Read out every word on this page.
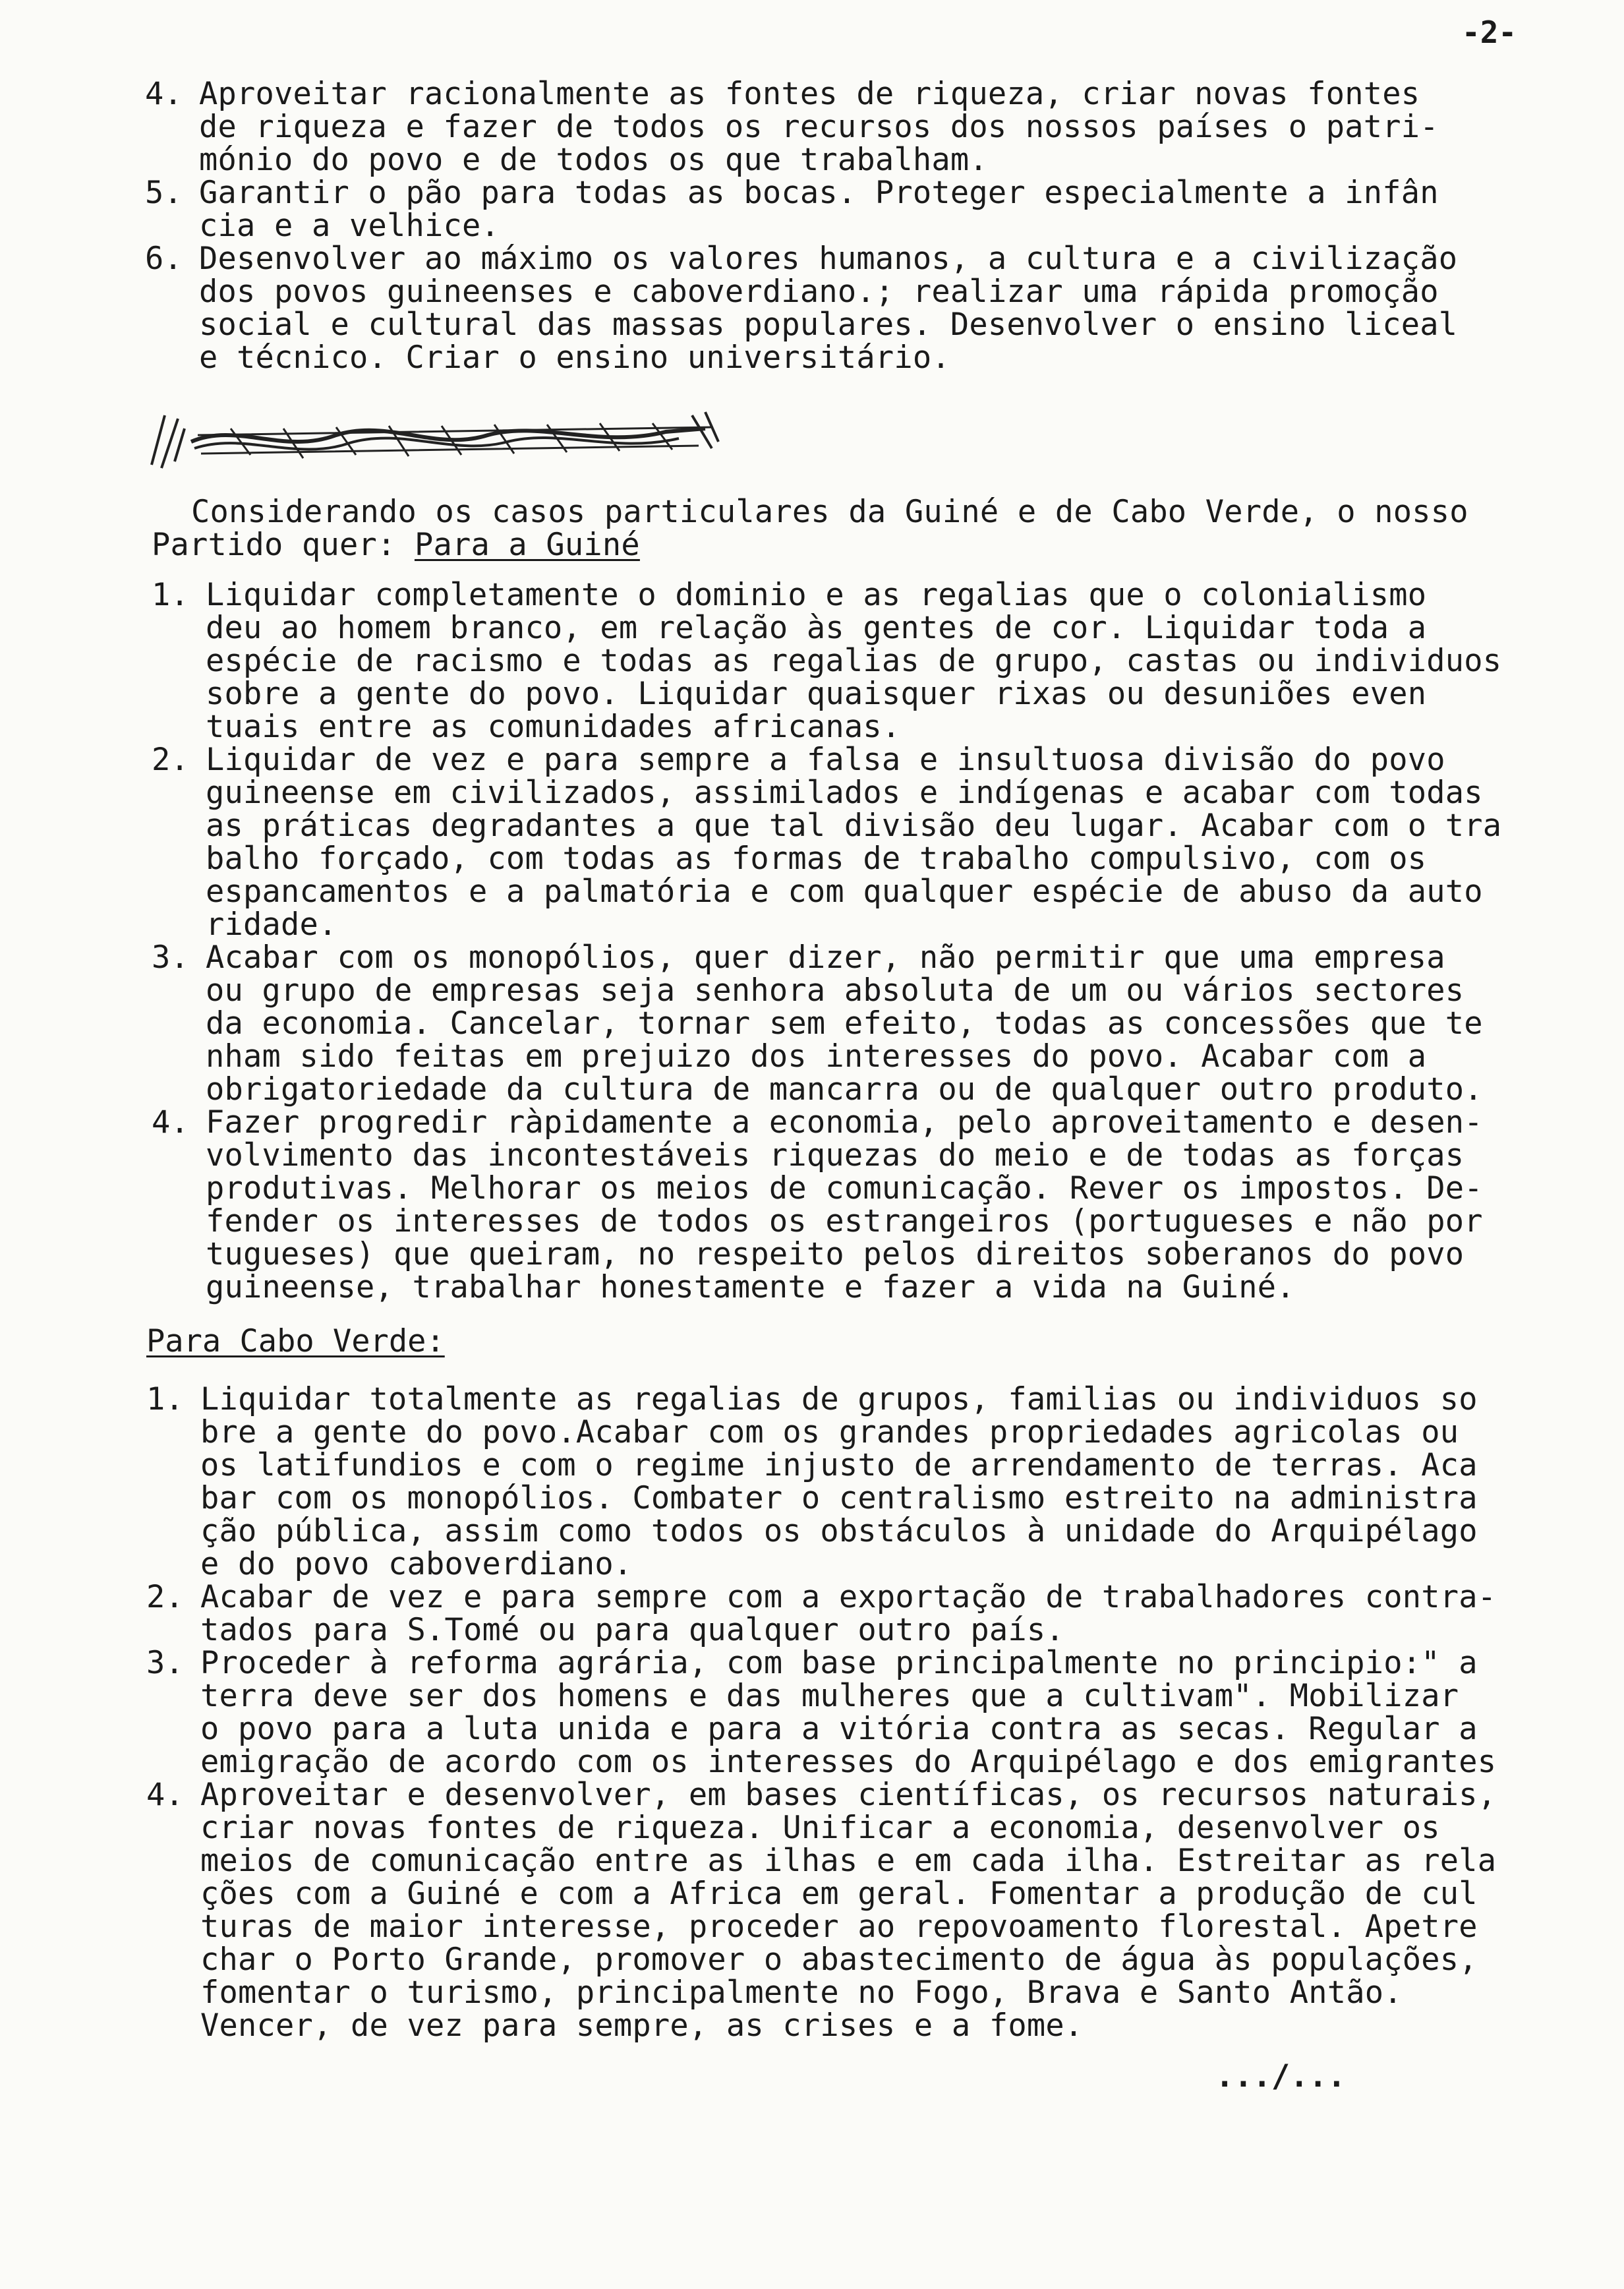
-2-
4. Aproveitar racionalmente as fontes de riqueza, criar novas fontes
de riqueza e fazer de todos os recursos dos nossos países o patri-
mónio do povo e de todos os que trabalham.
5. Garantir o pão para todas as bocas. Proteger especialmente a infân
cia e a velhice.
6. Desenvolver ao máximo os valores humanos, a cultura e a civilização
dos povos guineenses e caboverdiano.; realizar uma rápida promoção
social e cultural das massas populares. Desenvolver o ensino liceal
e técnico. Criar o ensino universitário.
Considerando os casos particulares da Guiné e de Cabo Verde, o nosso
Partido quer: Para a Guiné
1. Liquidar completamente o dominio e as regalias que o colonialismo
deu ao homem branco, em relação às gentes de cor. Liquidar toda a
espécie de racismo e todas as regalias de grupo, castas ou individuos
sobre a gente do povo. Liquidar quaisquer rixas ou desuniões even
tuais entre as comunidades africanas.
2. Liquidar de vez e para sempre a falsa e insultuosa divisão do povo
guineense em civilizados, assimilados e indígenas e acabar com todas
as práticas degradantes a que tal divisão deu lugar. Acabar com o tra
balho forçado, com todas as formas de trabalho compulsivo, com os
espancamentos e a palmatória e com qualquer espécie de abuso da auto
ridade.
3. Acabar com os monopólios, quer dizer, não permitir que uma empresa
ou grupo de empresas seja senhora absoluta de um ou vários sectores
da economia. Cancelar, tornar sem efeito, todas as concessões que te
nham sido feitas em prejuizo dos interesses do povo. Acabar com a
obrigatoriedade da cultura de mancarra ou de qualquer outro produto.
4. Fazer progredir ràpidamente a economia, pelo aproveitamento e desen-
volvimento das incontestáveis riquezas do meio e de todas as forças
produtivas. Melhorar os meios de comunicação. Rever os impostos. De-
fender os interesses de todos os estrangeiros (portugueses e não por
tugueses) que queiram, no respeito pelos direitos soberanos do povo
guineense, trabalhar honestamente e fazer a vida na Guiné.
Para Cabo Verde:
1. Liquidar totalmente as regalias de grupos, familias ou individuos so
bre a gente do povo.Acabar com os grandes propriedades agricolas ou
os latifundios e com o regime injusto de arrendamento de terras. Aca
bar com os monopólios. Combater o centralismo estreito na administra
ção pública, assim como todos os obstáculos à unidade do Arquipélago
e do povo caboverdiano.
2. Acabar de vez e para sempre com a exportação de trabalhadores contra-
tados para S.Tomé ou para qualquer outro país.
3. Proceder à reforma agrária, com base principalmente no principio:" a
terra deve ser dos homens e das mulheres que a cultivam". Mobilizar
o povo para a luta unida e para a vitória contra as secas. Regular a
emigração de acordo com os interesses do Arquipélago e dos emigrantes
4. Aproveitar e desenvolver, em bases científicas, os recursos naturais,
criar novas fontes de riqueza. Unificar a economia, desenvolver os
meios de comunicação entre as ilhas e em cada ilha. Estreitar as rela
ções com a Guiné e com a Africa em geral. Fomentar a produção de cul
turas de maior interesse, proceder ao repovoamento florestal. Apetre
char o Porto Grande, promover o abastecimento de água às populações,
fomentar o turismo, principalmente no Fogo, Brava e Santo Antão.
Vencer, de vez para sempre, as crises e a fome.
.../...
